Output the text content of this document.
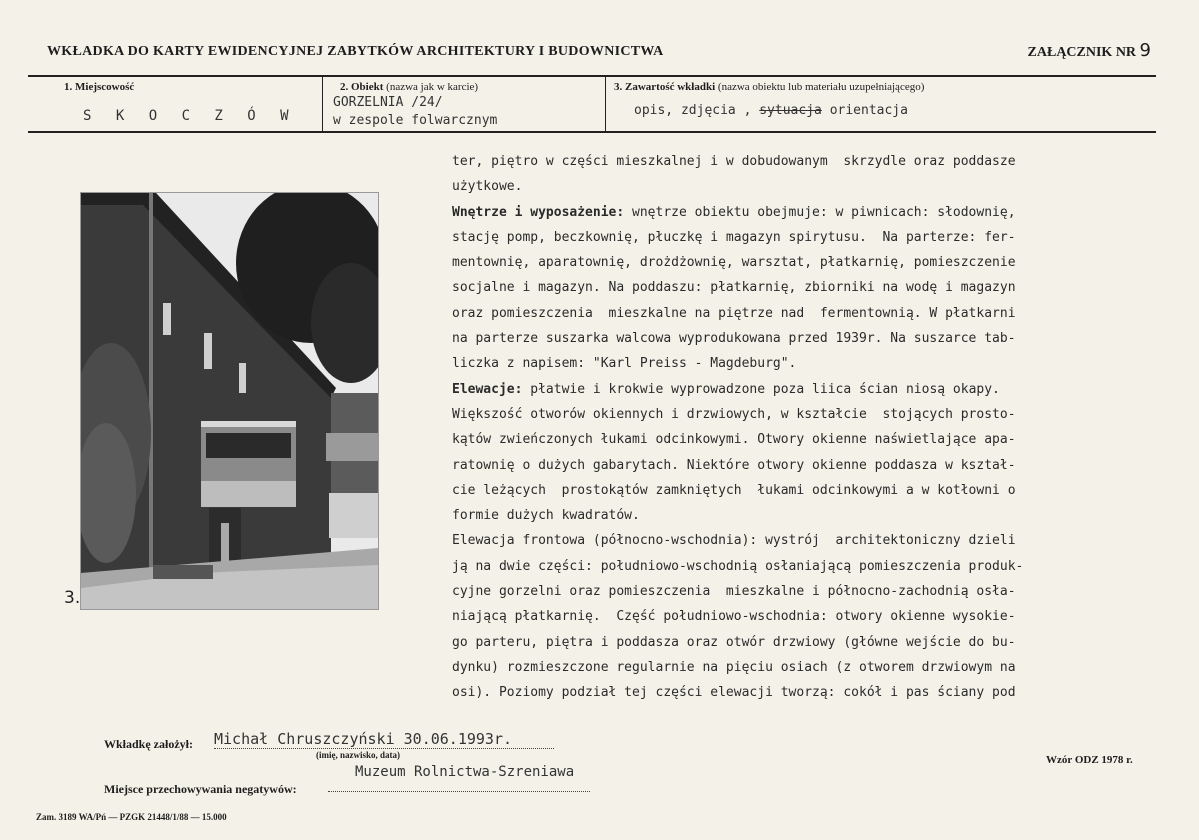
WKŁADKA DO KARTY EWIDENCYJNEJ ZABYTKÓW ARCHITEKTURY I BUDOWNICTWA	ZAŁĄCZNIK NR 9
1. Miejscowość
S K O C Z Ó W
2. Obiekt (nazwa jak w karcie)
GORZELNIA /24/
w zespole folwarcznym
3. Zawartość wkładki (nazwa obiektu lub materiału uzupełniającego)
opis, zdjęcia , sytuacja orientacja
3.
ter, piętro w części mieszkalnej i w dobudowanym  skrzydle oraz poddasze
użytkowe.
Wnętrze i wyposażenie: wnętrze obiektu obejmuje: w piwnicach: słodownię,
stację pomp, beczkownię, płuczkę i magazyn spirytusu.  Na parterze: fer-
mentownię, aparatownię, drożdżownię, warsztat, płatkarnię, pomieszczenie
socjalne i magazyn. Na poddaszu: płatkarnię, zbiorniki na wodę i magazyn
oraz pomieszczenia  mieszkalne na piętrze nad  fermentownią. W płatkarni
na parterze suszarka walcowa wyprodukowana przed 1939r. Na suszarce tab-
liczka z napisem: "Karl Preiss - Magdeburg".
Elewacje: płatwie i krokwie wyprowadzone poza liica ścian niosą okapy.
Większość otworów okiennych i drzwiowych, w kształcie  stojących prosto-
kątów zwieńczonych łukami odcinkowymi. Otwory okienne naświetlające apa-
ratownię o dużych gabarytach. Niektóre otwory okienne poddasza w kształ-
cie leżących  prostokątów zamkniętych  łukami odcinkowymi a w kotłowni o
formie dużych kwadratów.
Elewacja frontowa (północno-wschodnia): wystrój  architektoniczny dzieli
ją na dwie części: południowo-wschodnią osłaniającą pomieszczenia produk-
cyjne gorzelni oraz pomieszczenia  mieszkalne i północno-zachodnią osła-
niającą płatkarnię.  Część południowo-wschodnia: otwory okienne wysokie-
go parteru, piętra i poddasza oraz otwór drzwiowy (główne wejście do bu-
dynku) rozmieszczone regularnie na pięciu osiach (z otworem drzwiowym na
osi). Poziomy podział tej części elewacji tworzą: cokół i pas ściany pod
Wkładkę założył: Michał Chruszczyński 30.06.1993r.
(imię, nazwisko, data)
Muzeum Rolnictwa-Szreniawa
Miejsce przechowywania negatywów:
Wzór ODZ 1978 r.
Zam. 3189 WA/Pń — PZGK 21448/1/88 — 15.000
